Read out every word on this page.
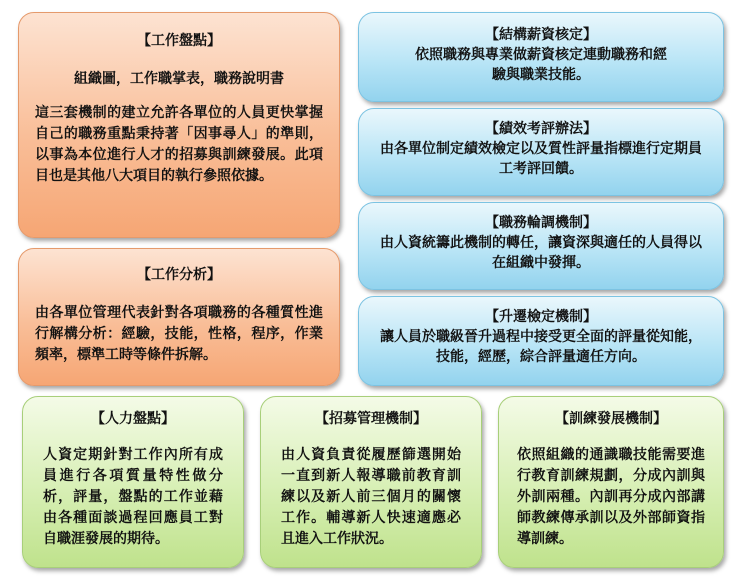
【工作盤點】
組織圖，工作職掌表，職務說明書
這三套機制的建立允許各單位的人員更快掌握自己的職務重點秉持著「因事尋人」的準則，以事為本位進行人才的招募與訓練發展。此項目也是其他八大項目的執行參照依據。
【工作分析】
由各單位管理代表針對各項職務的各種質性進行解構分析：經驗，技能，性格，程序，作業頻率，標準工時等條件拆解。
【結構薪資核定】
依照職務與專業做薪資核定連動職務和經驗與職業技能。
【績效考評辦法】
由各單位制定績效檢定以及質性評量指標進行定期員工考評回饋。
【職務輪調機制】
由人資統籌此機制的轉任，讓資深與適任的人員得以在組織中發揮。
【升遷檢定機制】
讓人員於職級晉升過程中接受更全面的評量從知能，技能，經歷，綜合評量適任方向。
【人力盤點】
人資定期針對工作內所有成員進行各項質量特性做分析，評量，盤點的工作並藉由各種面談過程回應員工對自職涯發展的期待。
【招募管理機制】
由人資負責從履歷篩選開始一直到新人報導職前教育訓練以及新人前三個月的關懷工作。輔導新人快速適應必且進入工作狀況。
【訓練發展機制】
依照組織的通識職技能需要進行教育訓練規劃，分成內訓與外訓兩種。內訓再分成內部講師教練傳承訓以及外部師資指導訓練。
